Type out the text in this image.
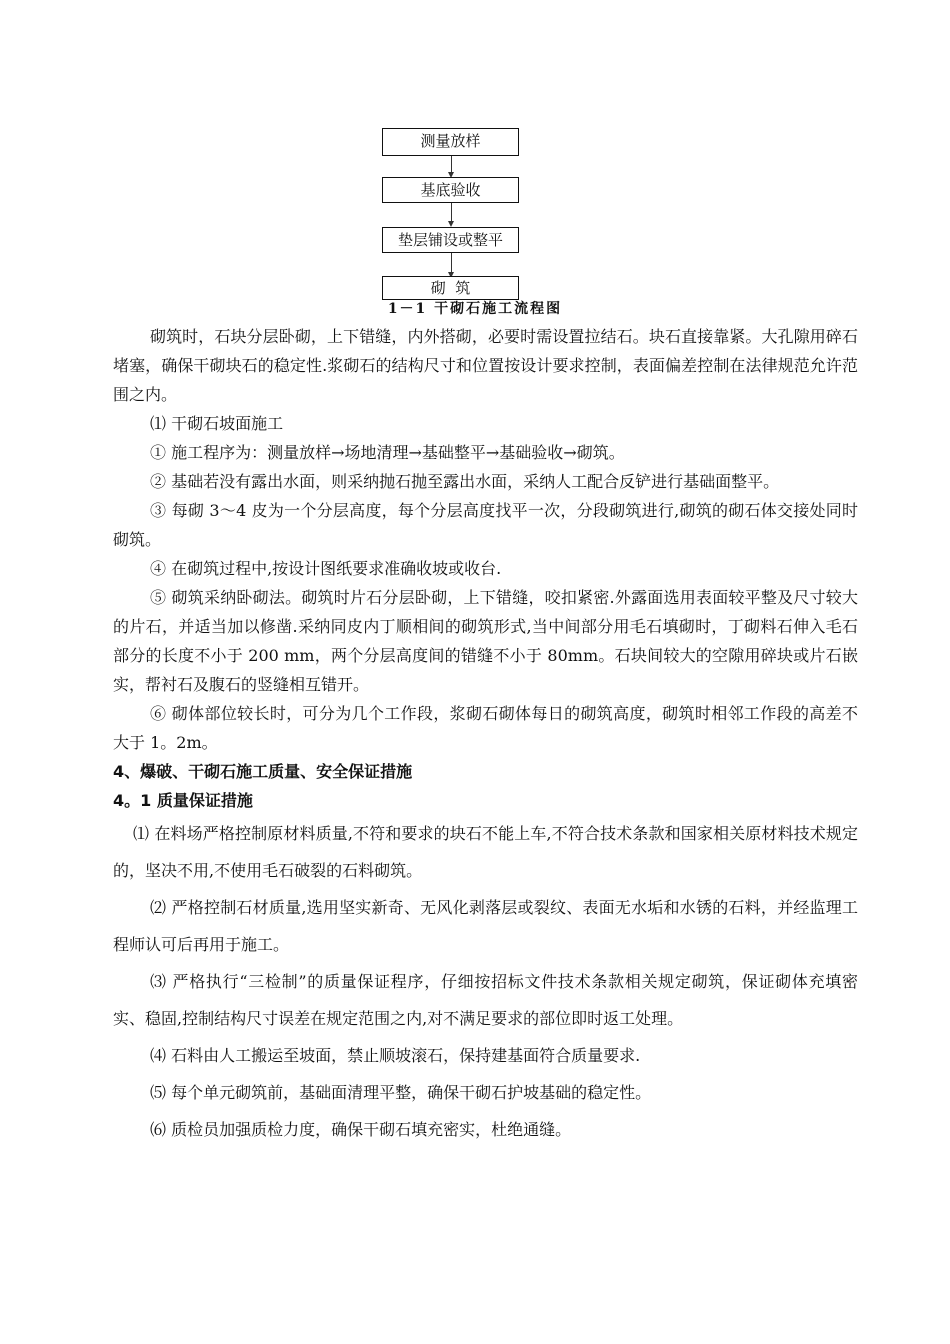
测量放样
基底验收
垫层铺设或整平
砌  筑
1－1 干砌石施工流程图

砌筑时，石块分层卧砌，上下错缝，内外搭砌，必要时需设置拉结石。块石直接靠紧。大孔隙用碎石堵塞，确保干砌块石的稳定性.浆砌石的结构尺寸和位置按设计要求控制，表面偏差控制在法律规范允许范围之内。

⑴ 干砌石坡面施工

① 施工程序为：测量放样→场地清理→基础整平→基础验收→砌筑。

② 基础若没有露出水面，则采纳抛石抛至露出水面，采纳人工配合反铲进行基础面整平。

③ 每砌 3～4 皮为一个分层高度，每个分层高度找平一次，分段砌筑进行,砌筑的砌石体交接处同时砌筑。

④ 在砌筑过程中,按设计图纸要求准确收坡或收台.

⑤ 砌筑采纳卧砌法。砌筑时片石分层卧砌，上下错缝，咬扣紧密.外露面选用表面较平整及尺寸较大的片石，并适当加以修凿.采纳同皮内丁顺相间的砌筑形式,当中间部分用毛石填砌时，丁砌料石伸入毛石部分的长度不小于 200 mm，两个分层高度间的错缝不小于 80mm。石块间较大的空隙用碎块或片石嵌实，帮衬石及腹石的竖缝相互错开。

⑥ 砌体部位较长时，可分为几个工作段，浆砌石砌体每日的砌筑高度，砌筑时相邻工作段的高差不大于 1。2m。

4、爆破、干砌石施工质量、安全保证措施

4。1 质量保证措施

⑴ 在料场严格控制原材料质量,不符和要求的块石不能上车,不符合技术条款和国家相关原材料技术规定的，坚决不用,不使用毛石破裂的石料砌筑。

⑵ 严格控制石材质量,选用坚实新奇、无风化剥落层或裂纹、表面无水垢和水锈的石料，并经监理工程师认可后再用于施工。

⑶ 严格执行“三检制”的质量保证程序，仔细按招标文件技术条款相关规定砌筑，保证砌体充填密实、稳固,控制结构尺寸误差在规定范围之内,对不满足要求的部位即时返工处理。

⑷ 石料由人工搬运至坡面，禁止顺坡滚石，保持建基面符合质量要求.

⑸ 每个单元砌筑前，基础面清理平整，确保干砌石护坡基础的稳定性。

⑹ 质检员加强质检力度，确保干砌石填充密实，杜绝通缝。
